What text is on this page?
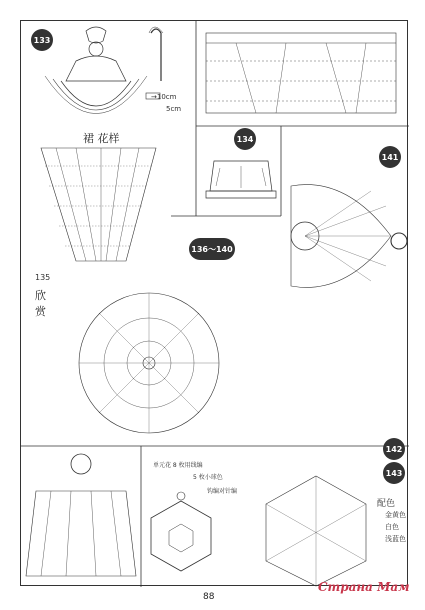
133
→10cm
5cm
134
裙 花样
141
136～140
135
欣
赏
142
143
单元花 8 枚用线编
5 枚小球色
钩编对针编
配色
金黄色
白色
浅蓝色
88
Страна Мам
